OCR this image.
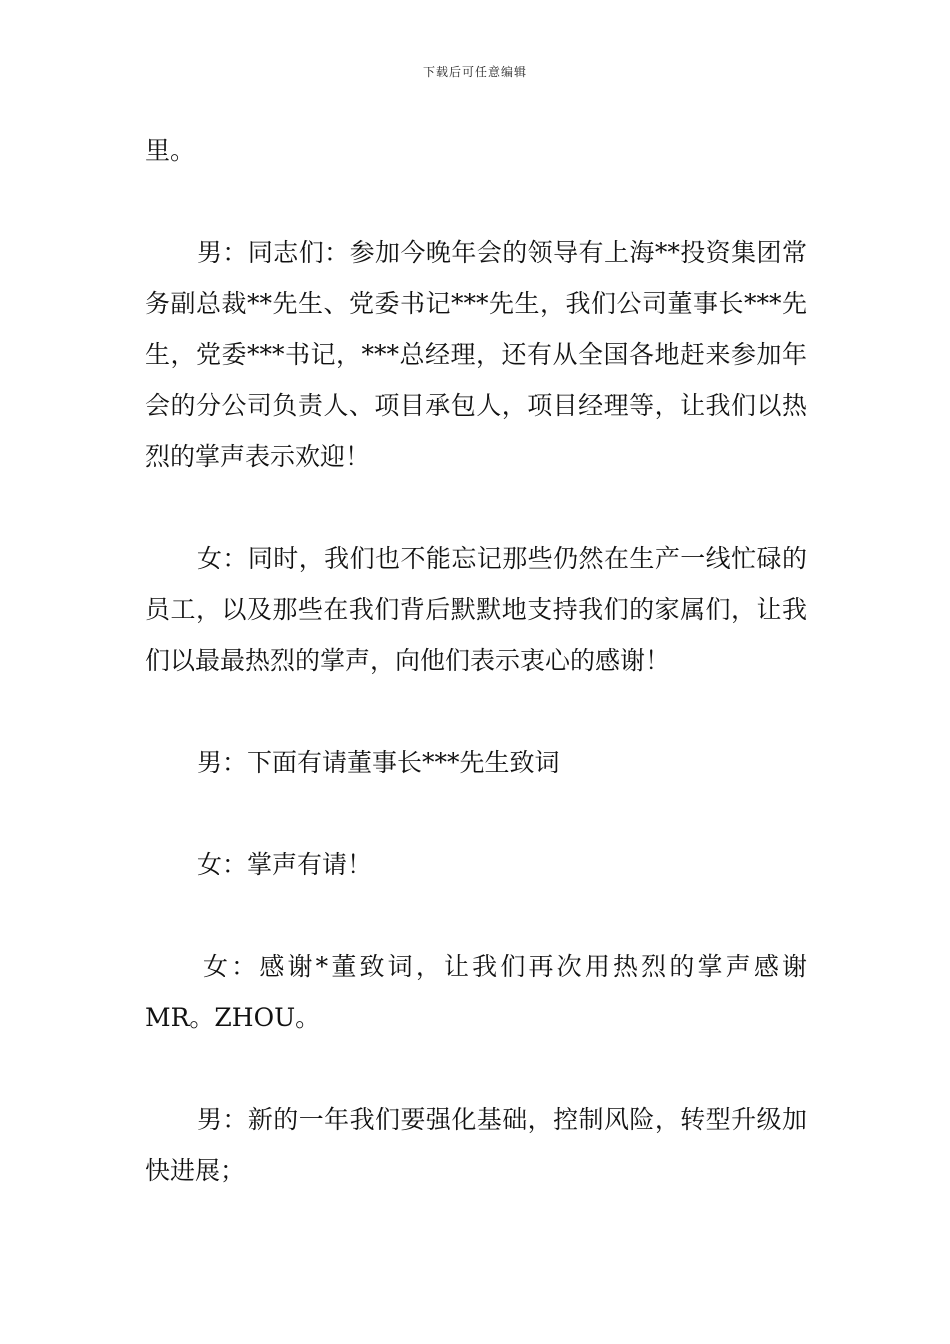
下载后可任意编辑

里。

男：同志们：参加今晚年会的领导有上海**投资集团常务副总裁**先生、党委书记***先生，我们公司董事长***先生，党委***书记，***总经理，还有从全国各地赶来参加年会的分公司负责人、项目承包人，项目经理等，让我们以热烈的掌声表示欢迎！

女：同时，我们也不能忘记那些仍然在生产一线忙碌的员工，以及那些在我们背后默默地支持我们的家属们，让我们以最最热烈的掌声，向他们表示衷心的感谢！

男：下面有请董事长***先生致词

女：掌声有请！

女：感谢*董致词，让我们再次用热烈的掌声感谢MR。ZHOU。

男：新的一年我们要强化基础，控制风险，转型升级加快进展；
